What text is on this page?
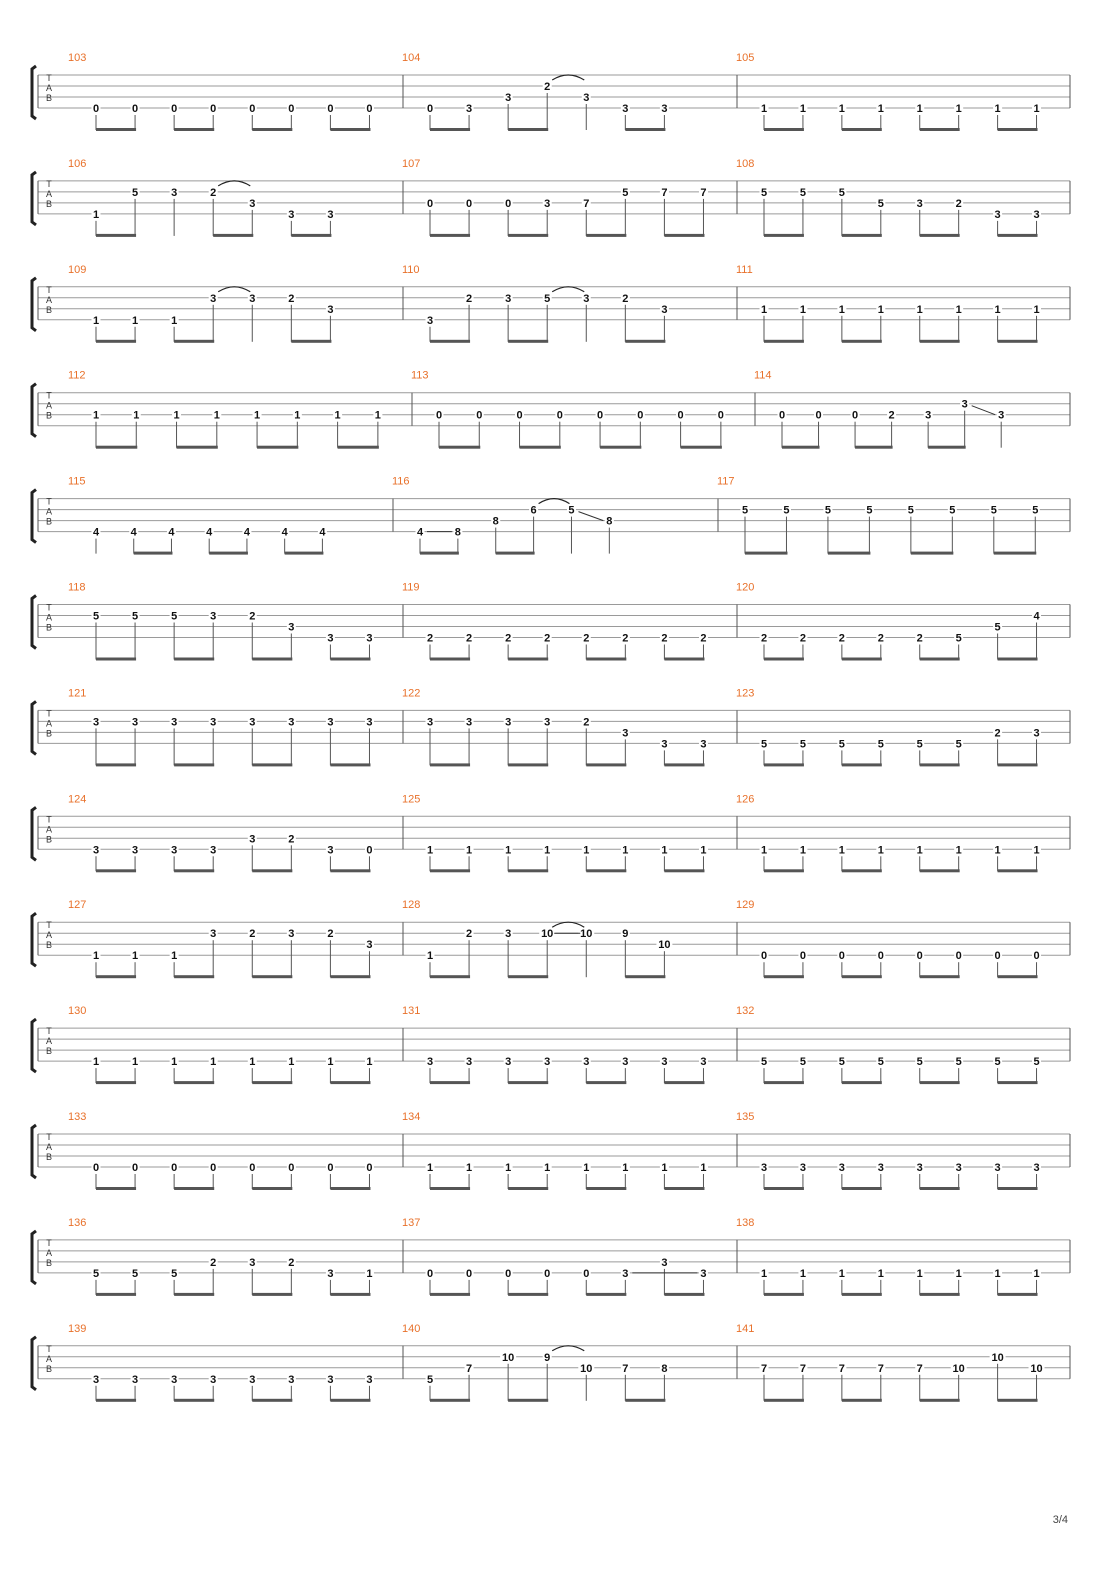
T
A
B
103
0	0	0	0	0	0	0	0
104
0	3
3
2
3
3	3
105
1	1	1	1	1	1	1	1
T
A
B
106
1
5	3	2
3
3	3
107
0	0	0	3	7
5	7	7
108
5	5	5
5	3	2
3	3
T
A
B
109
1	1	1
3	3	2
3
110
3
2	3	5	3	2
3
111
1	1	1	1	1	1	1	1
T
A
B
112
1	1	1	1	1	1	1	1
113
0	0	0	0	0	0	0	0
114
0	0	0	2	3
3
3
T
A
B
115
4	4	4	4	4	4	4
116
4	8
8
6	5
8
117
5	5	5	5	5	5	5	5
T
A
B
118
5	5	5	3	2
3
3	3
119
2	2	2	2	2	2	2	2
120
2	2	2	2	2	5
5
4
T
A
B
121
3	3	3	3	3	3	3	3
122
3	3	3	3	2
3
3	3
123
5	5	5	5	5	5
2	3
T
A
B
124
3	3	3	3
3	2
3	0
125
1	1	1	1	1	1	1	1
126
1	1	1	1	1	1	1	1
T
A
B
127
1	1	1
3	2	3	2
3
128
1
2	3	10 10	9
10
129
0	0	0	0	0	0	0	0
T
A
B
130
1	1	1	1	1	1	1	1
131
3	3	3	3	3	3	3	3
132
5	5	5	5	5	5	5	5
T
A
B
133
0	0	0	0	0	0	0	0
134
1	1	1	1	1	1	1	1
135
3	3	3	3	3	3	3	3
T
A
B
136
5	5	5
2	3	2
3	1
137
0	0	0	0	0	3
3
3
138
1	1	1	1	1	1	1	1
T
A
B
139
3	3	3	3	3	3	3	3
140
5
7
10	9
10	7	8
141
7	7	7	7	7	10
10
10
3/4
